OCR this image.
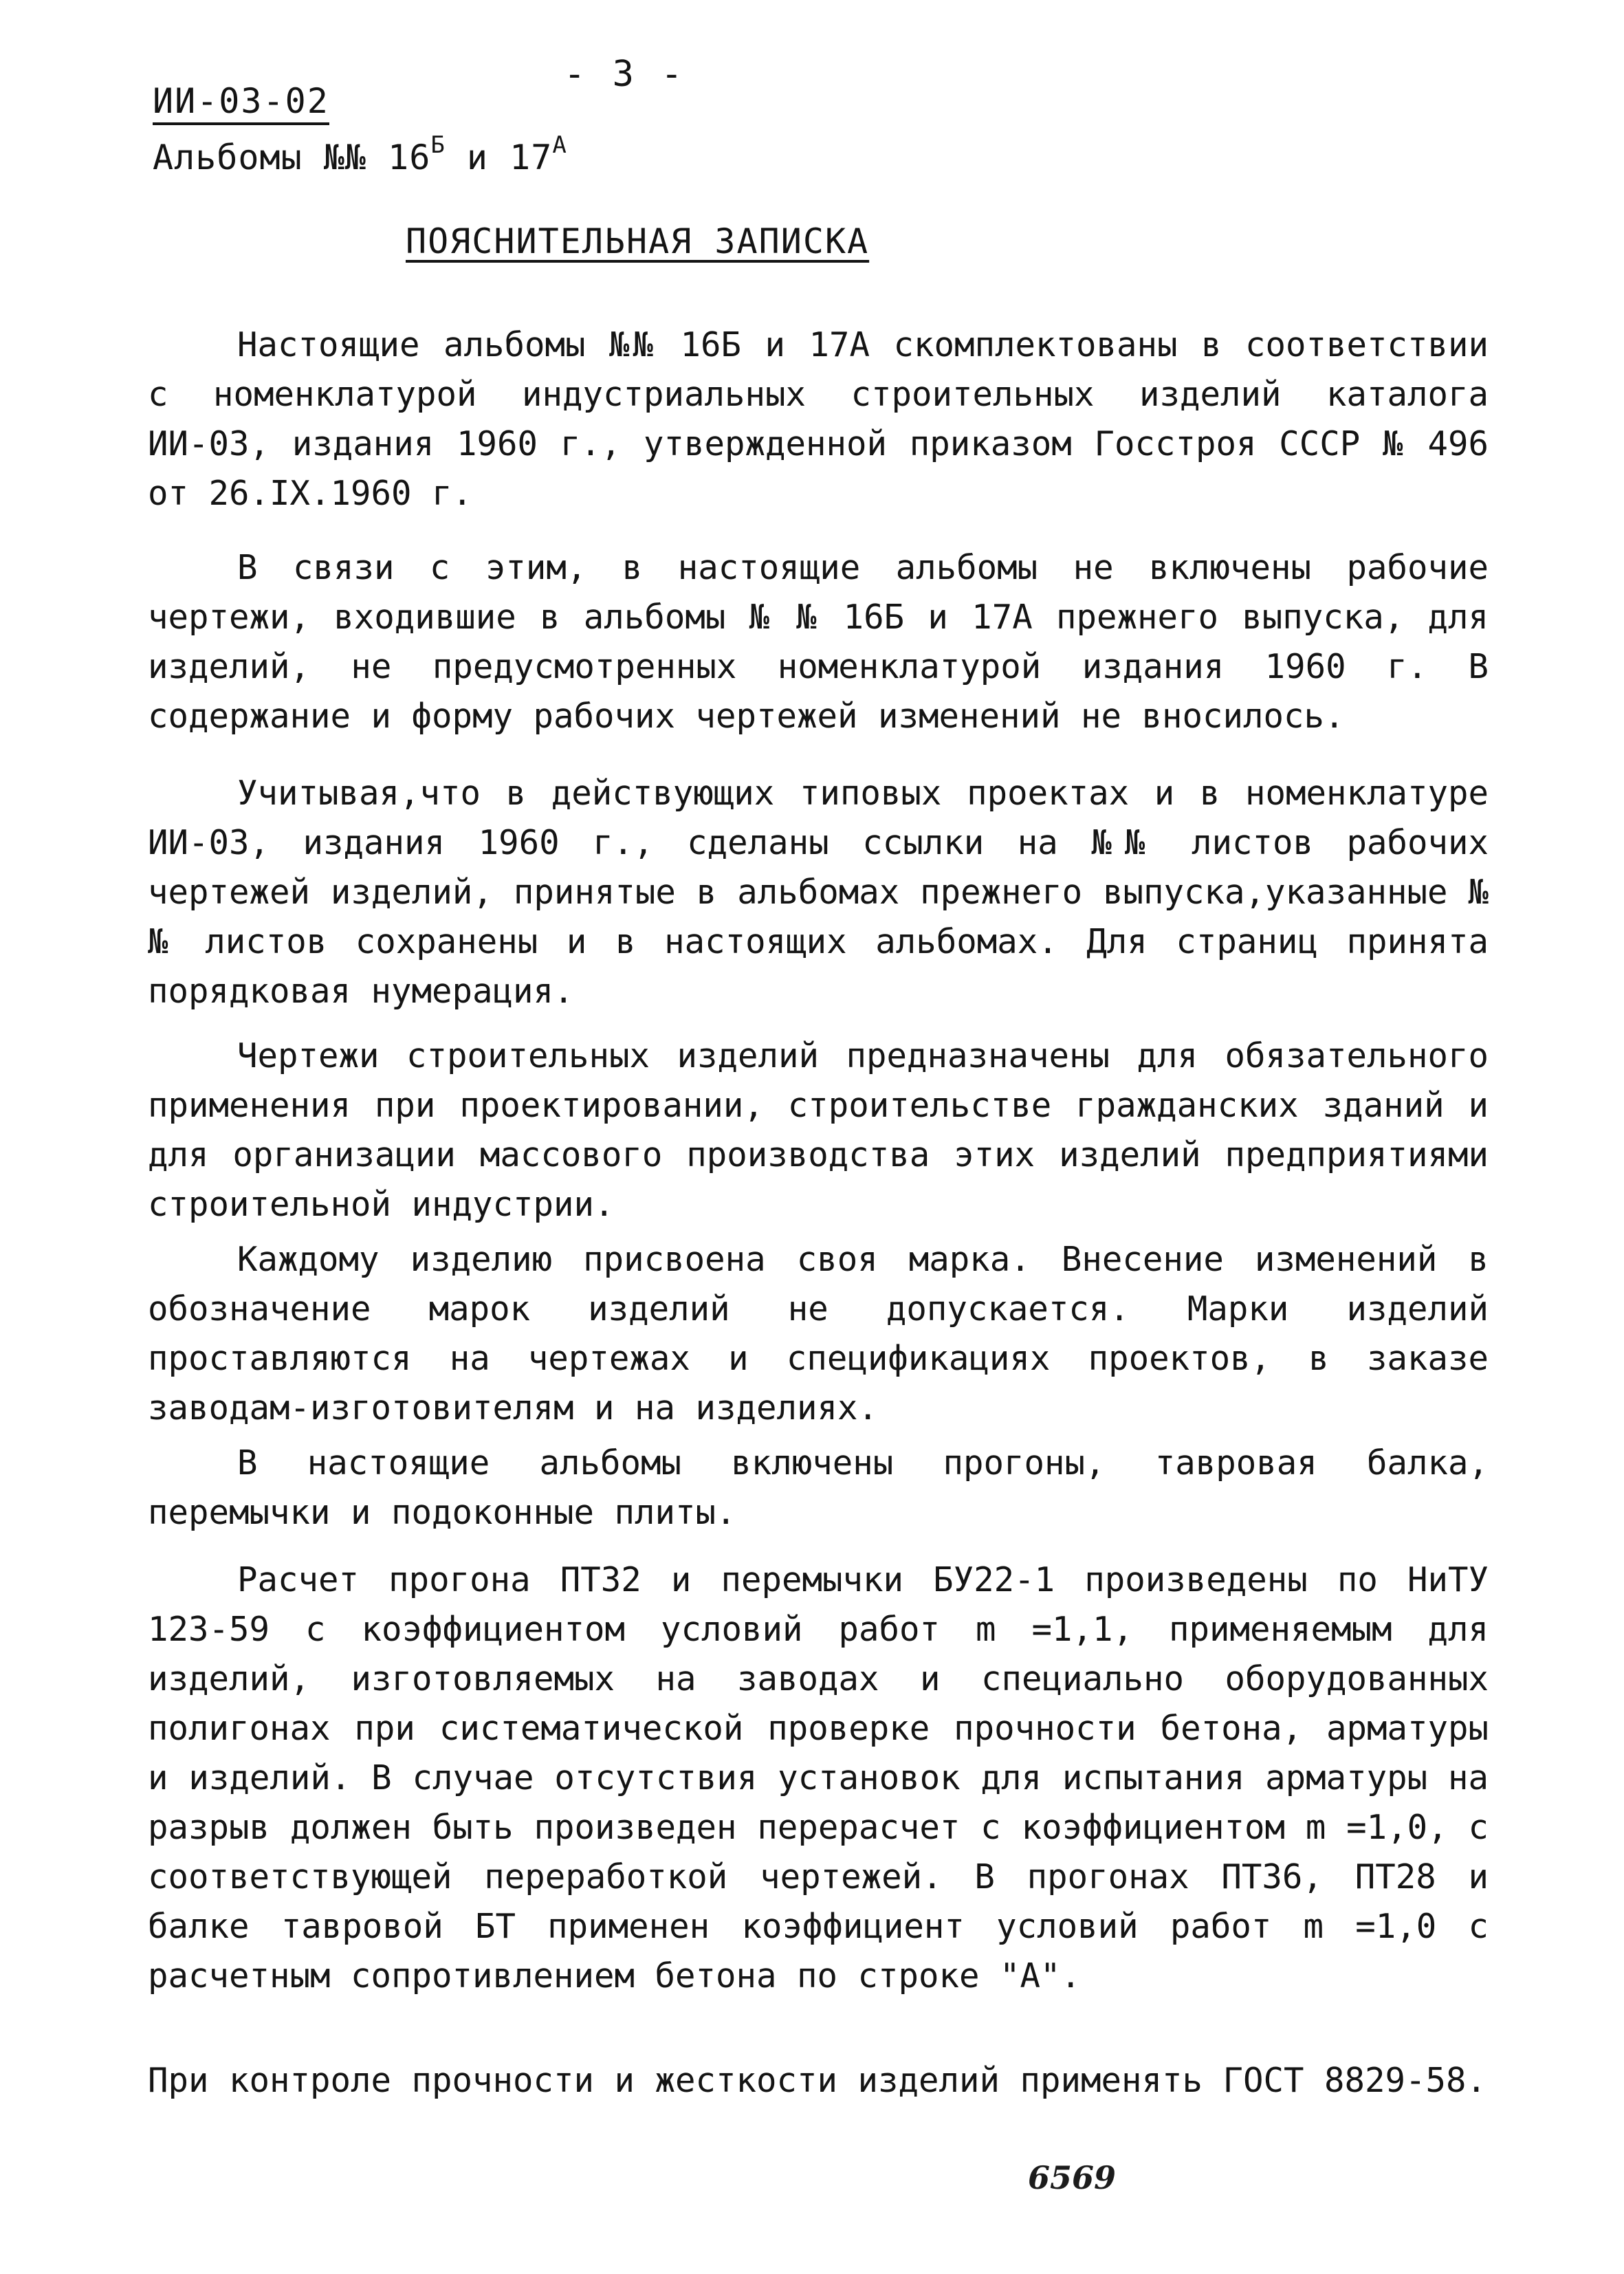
- 3 -
ИИ-03-02
Альбомы №№ $16^Б$ и $17^А$
ПОЯСНИТЕЛЬНАЯ ЗАПИСКА

Настоящие альбомы №№ 16Б и 17А скомплектованы в соответствии с номенклатурой индустриальных строительных изделий каталога ИИ-03, издания 1960 г., утвержденной приказом Госстроя СССР № 496 от 26.IX.1960 г.

В связи с этим, в настоящие альбомы не включены рабочие чертежи, входившие в альбомы № № 16Б и 17А прежнего выпуска, для изделий, не предусмотренных номенклатурой издания 1960 г. В содержание и форму рабочих чертежей изменений не вносилось.

Учитывая,что в действующих типовых проектах и в номенклатуре ИИ-03, издания 1960 г., сделаны ссылки на №№ листов рабочих чертежей изделий, принятые в альбомах прежнего выпуска,указанные №№ листов сохранены и в настоящих альбомах. Для страниц принята порядковая нумерация.

Чертежи строительных изделий предназначены для обязательного применения при проектировании, строительстве гражданских зданий и для организации массового производства этих изделий предприятиями строительной индустрии.

Каждому изделию присвоена своя марка. Внесение изменений в обозначение марок изделий не допускается. Марки изделий проставляются на чертежах и спецификациях проектов, в заказе заводам-изготовителям и на изделиях.

В настоящие альбомы включены прогоны, тавровая балка, перемычки и подоконные плиты.

Расчет прогона ПТ32 и перемычки БУ22-1 произведены по НиТУ 123-59 с коэффициентом условий работ m =1,1, применяемым для изделий, изготовляемых на заводах и специально оборудованных полигонах при систематической проверке прочности бетона, арматуры и изделий. В случае отсутствия установок для испытания арматуры на разрыв должен быть произведен перерасчет с коэффициентом m =1,0, с соответствующей переработкой чертежей. В прогонах ПТ36, ПТ28 и балке тавровой БТ применен коэффициент условий работ m =1,0 с расчетным сопротивлением бетона по строке "А".

При контроле прочности и жесткости изделий применять ГОСТ 8829-58.

6569
